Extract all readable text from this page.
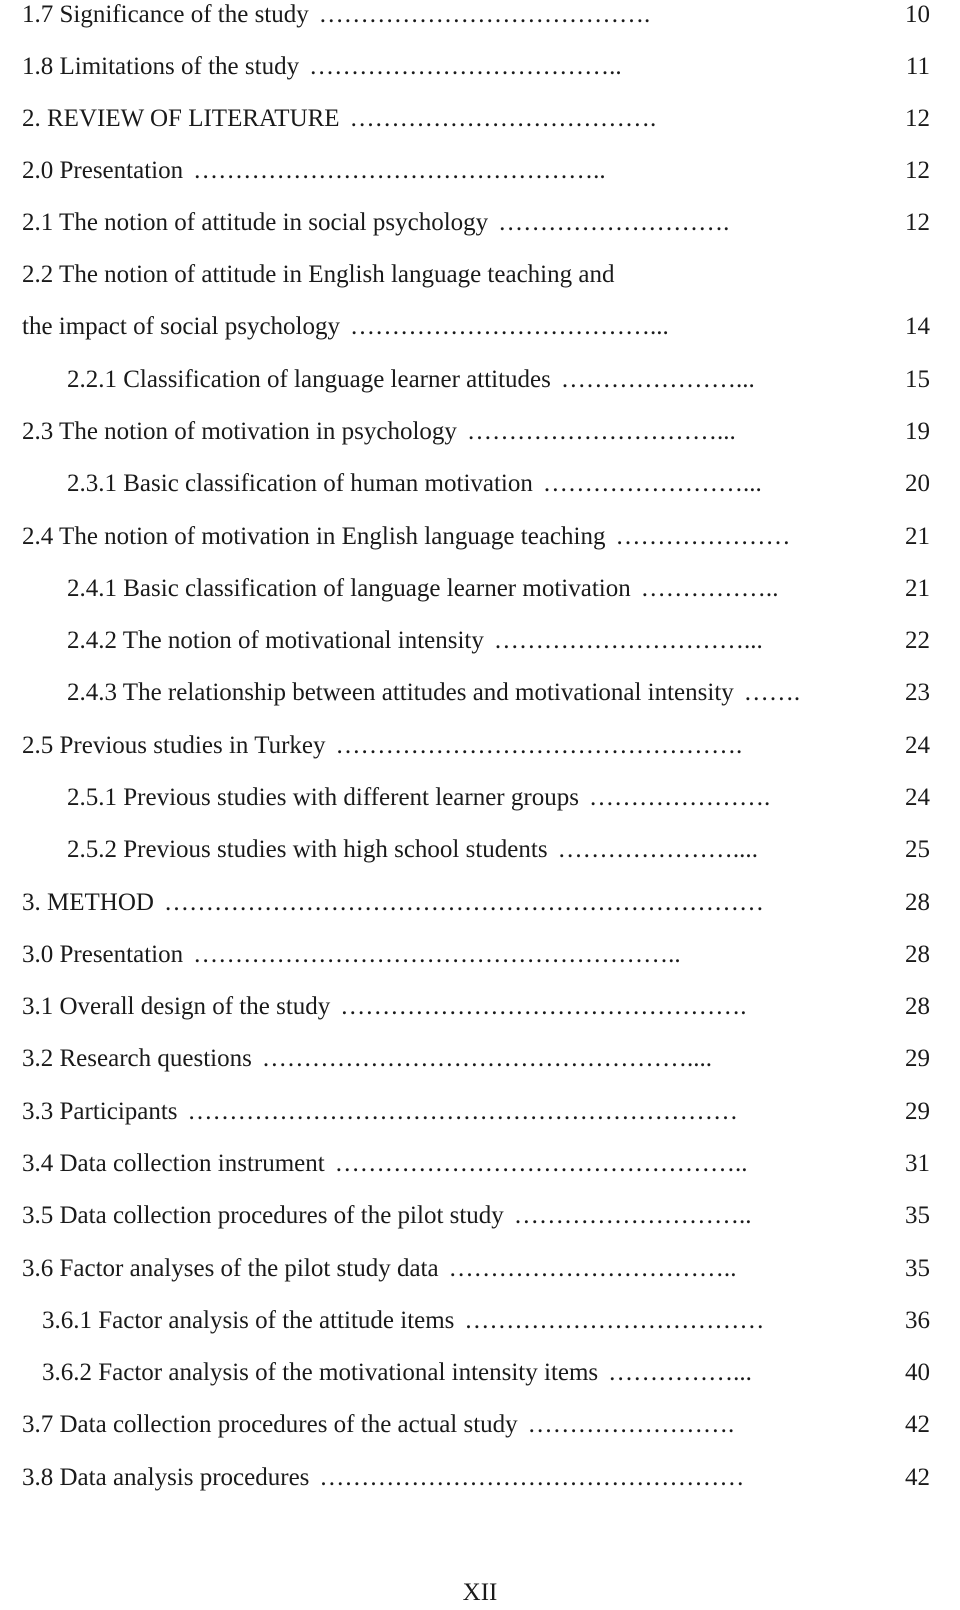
1.7 Significance of the study ………………………………….	10
1.8 Limitations of the study ………………………………..	11
2. REVIEW OF LITERATURE ……………………………….	12
2.0 Presentation …………………………………………..	12
2.1 The notion of attitude in social psychology ……………………….	12
2.2 The notion of attitude in English language teaching and
the impact of social psychology ………………………………...	14
2.2.1 Classification of language learner attitudes …………………...	15
2.3 The notion of motivation in psychology …………………………...	19
2.3.1 Basic classification of human motivation ……………………...	20
2.4 The notion of motivation in English language teaching …………………	21
2.4.1 Basic classification of language learner motivation ……………..	21
2.4.2 The notion of motivational intensity …………………………...	22
2.4.3 The relationship between attitudes and motivational intensity …….	23
2.5 Previous studies in Turkey ………………………………………….	24
2.5.1 Previous studies with different learner groups ………………….	24
2.5.2 Previous studies with high school students …………………....	25
3. METHOD ………………………………………………………………	28
3.0 Presentation …………………………………………………..	28
3.1 Overall design of the study ………………………………………….	28
3.2 Research questions ……………………………………………....	29
3.3 Participants …………………………………………………………	29
3.4 Data collection instrument …………………………………………..	31
3.5 Data collection procedures of the pilot study ………………………..	35
3.6 Factor analyses of the pilot study data ……………………………..	35
3.6.1 Factor analysis of the attitude items ………………………………	36
3.6.2 Factor analysis of the motivational intensity items ……………...	40
3.7 Data collection procedures of the actual study …………………….	42
3.8 Data analysis procedures ……………………………………………	42
XII
